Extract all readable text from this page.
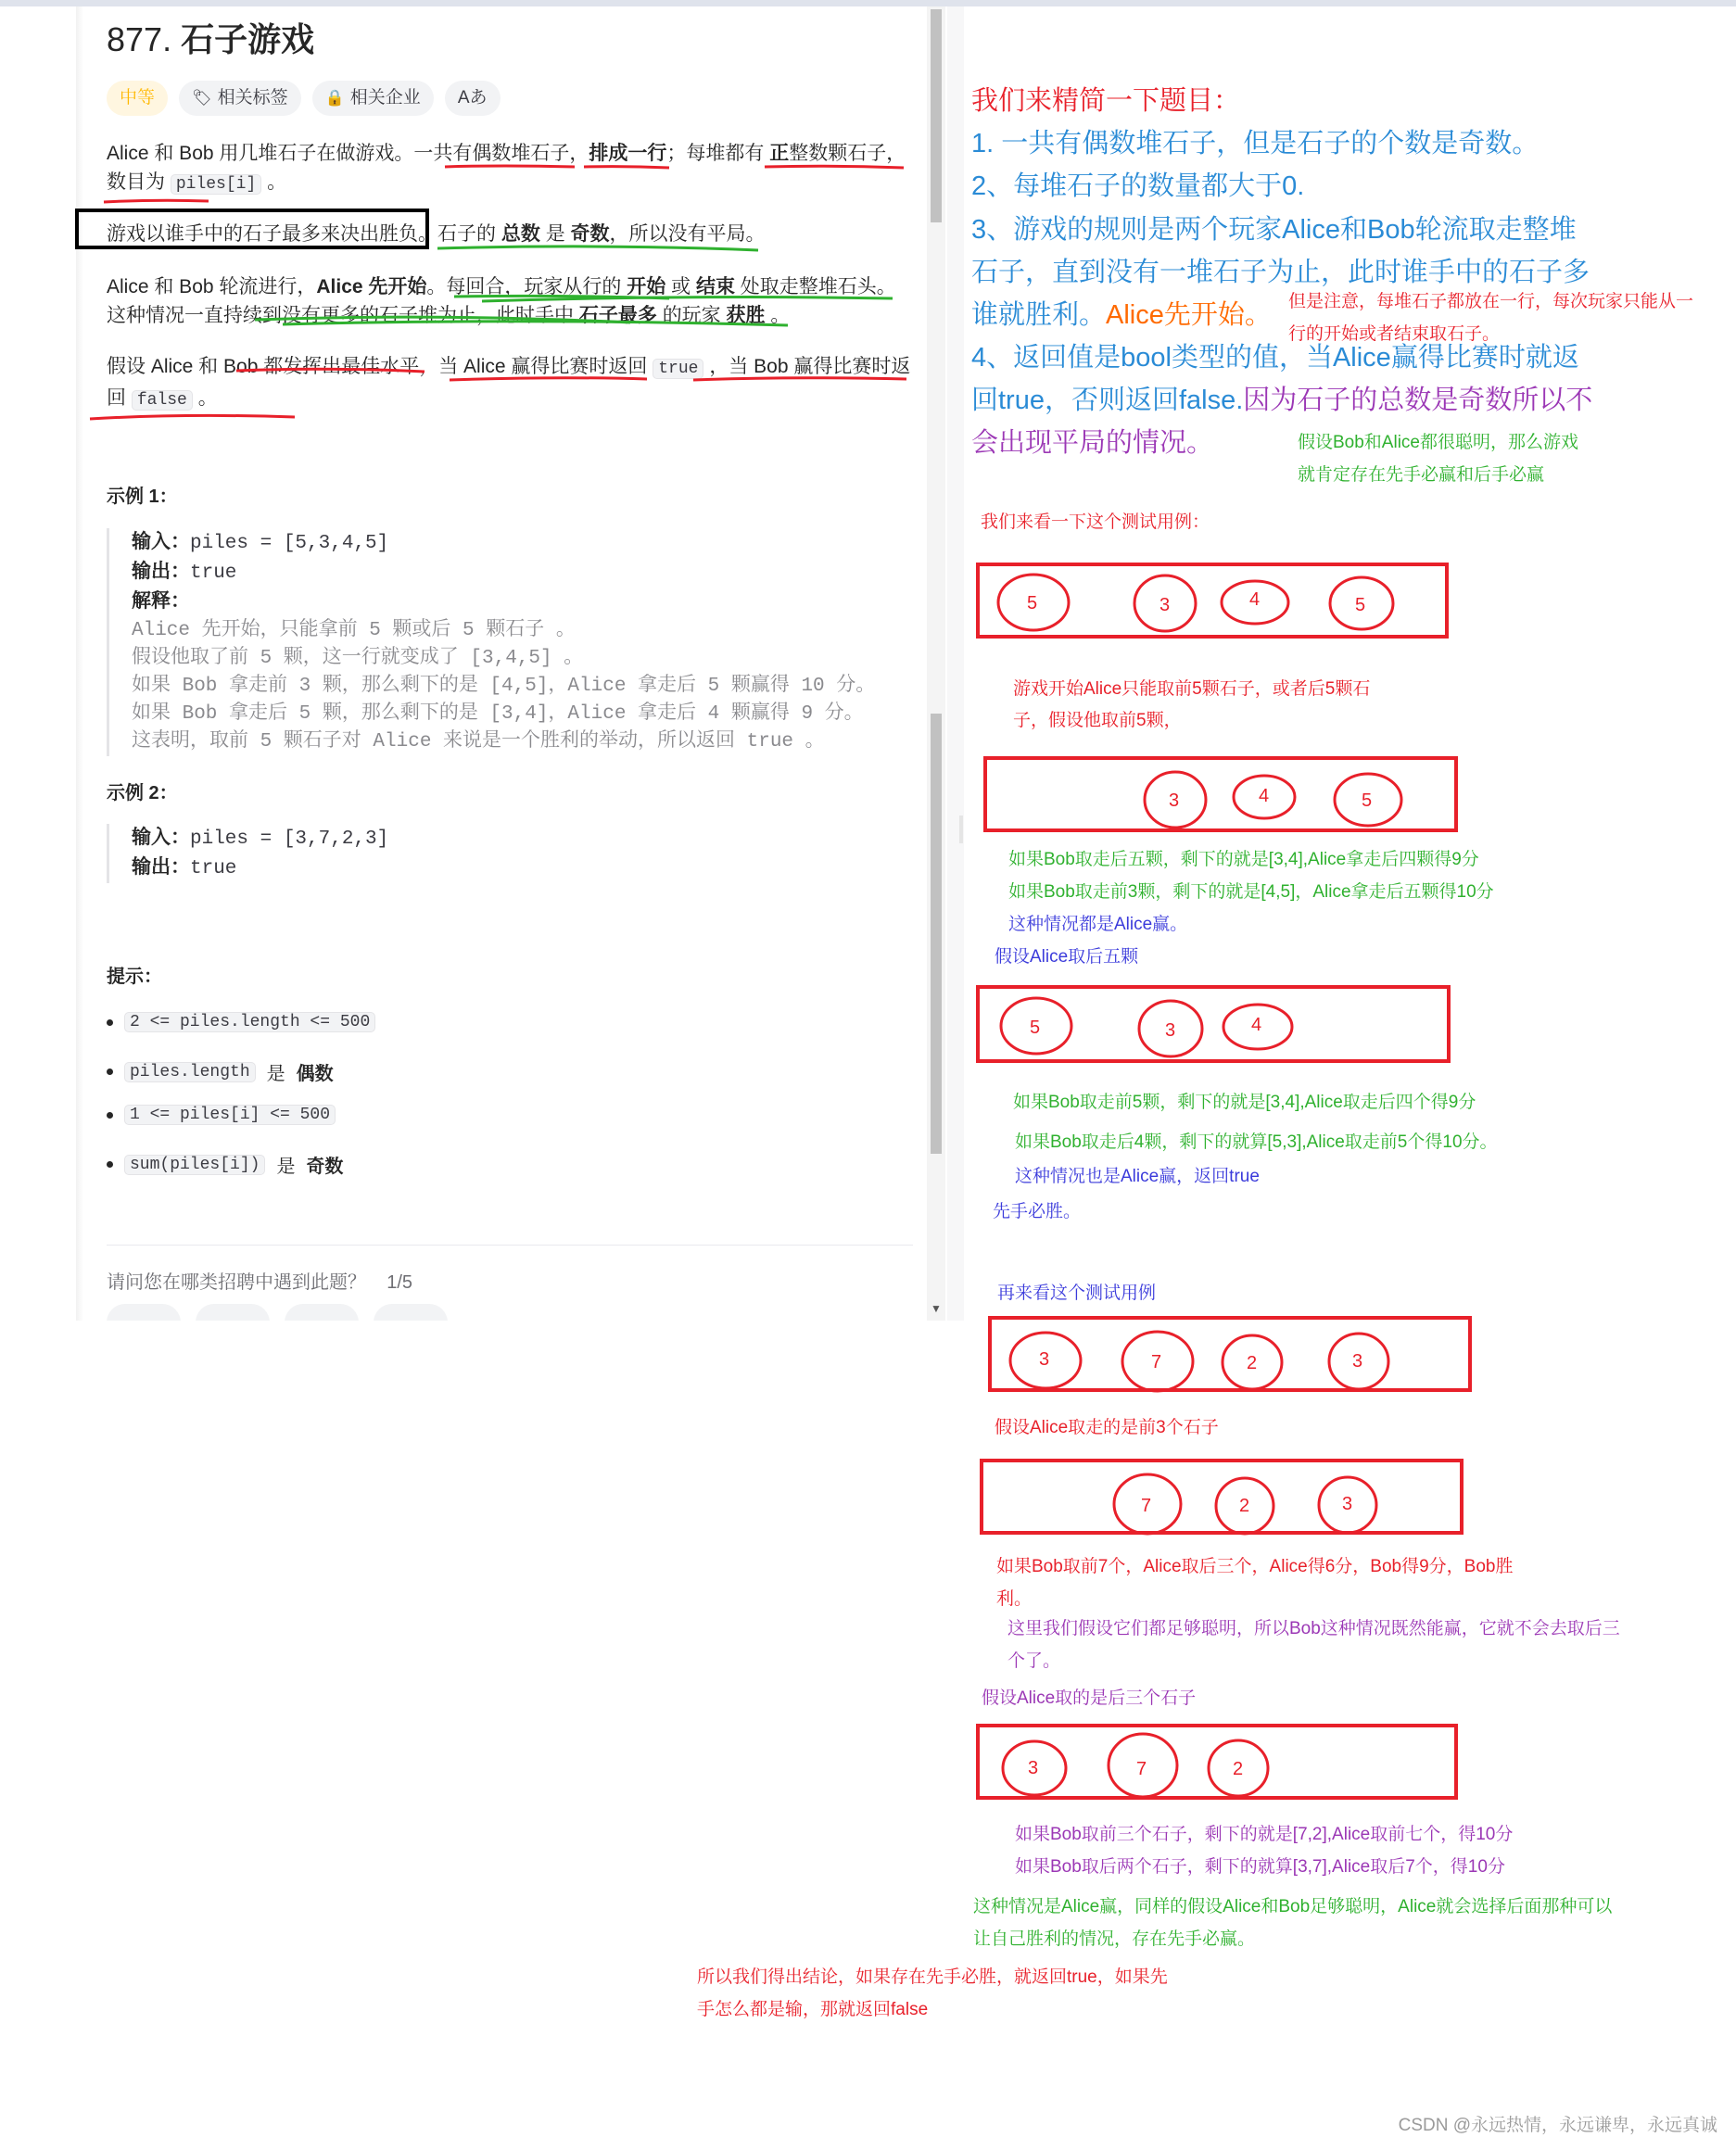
877. 石子游戏
中等	🏷 相关标签 🔒 相关企业 Aあ
Alice 和 Bob 用几堆石子在做游戏。一共有偶数堆石子，排成一行；每堆都有 正整数颗石子，
数目为 piles[i] 。
游戏以谁手中的石子最多来决出胜负。石子的 总数 是 奇数，所以没有平局。
Alice 和 Bob 轮流进行，Alice 先开始。每回合，玩家从行的 开始 或 结束 处取走整堆石头。
这种情况一直持续到没有更多的石子堆为止，此时手中 石子最多 的玩家 获胜 。
假设 Alice 和 Bob 都发挥出最佳水平，当 Alice 赢得比赛时返回 true ，当 Bob 赢得比赛时返
回 false 。
示例 1：
输入：piles = [5,3,4,5]
输出：true
解释：
Alice 先开始，只能拿前 5 颗或后 5 颗石子 。
假设他取了前 5 颗，这一行就变成了 [3,4,5] 。
如果 Bob 拿走前 3 颗，那么剩下的是 [4,5]，Alice 拿走后 5 颗赢得 10 分。
如果 Bob 拿走后 5 颗，那么剩下的是 [3,4]，Alice 拿走后 4 颗赢得 9 分。
这表明，取前 5 颗石子对 Alice 来说是一个胜利的举动，所以返回 true 。
示例 2：
输入：piles = [3,7,2,3]
输出：true
提示：
2 <= piles.length <= 500
piles.length 是 偶数
1 <= piles[i] <= 500
sum(piles[i]) 是 奇数
请问您在哪类招聘中遇到此题？ 1/5
▼
5	3	4	5
3	4	5
5	3	4
3	7	2	3
7	2	3
3	7	2
我们来精简一下题目：
1. 一共有偶数堆石子，但是石子的个数是奇数。
2、每堆石子的数量都大于0.
3、游戏的规则是两个玩家Alice和Bob轮流取走整堆
石子，直到没有一堆石子为止，此时谁手中的石子多
谁就胜利。Alice先开始。 但是注意，每堆石子都放在一行，每次玩家只能从一
行的开始或者结束取石子。
4、返回值是bool类型的值，当Alice赢得比赛时就返
回true，否则返回false.因为石子的总数是奇数所以不
会出现平局的情况。	假设Bob和Alice都很聪明，那么游戏
就肯定存在先手必赢和后手必赢
我们来看一下这个测试用例：
游戏开始Alice只能取前5颗石子，或者后5颗石
子，假设他取前5颗，
如果Bob取走后五颗，剩下的就是[3,4],Alice拿走后四颗得9分
如果Bob取走前3颗，剩下的就是[4,5]，Alice拿走后五颗得10分
这种情况都是Alice赢。
假设Alice取后五颗
如果Bob取走前5颗，剩下的就是[3,4],Alice取走后四个得9分
如果Bob取走后4颗，剩下的就算[5,3],Alice取走前5个得10分。
这种情况也是Alice赢，返回true
先手必胜。
再来看这个测试用例
假设Alice取走的是前3个石子
如果Bob取前7个，Alice取后三个，Alice得6分，Bob得9分，Bob胜
利。
这里我们假设它们都足够聪明，所以Bob这种情况既然能赢，它就不会去取后三
个了。
假设Alice取的是后三个石子
如果Bob取前三个石子，剩下的就是[7,2],Alice取前七个，得10分
如果Bob取后两个石子，剩下的就算[3,7],Alice取后7个，得10分
这种情况是Alice赢，同样的假设Alice和Bob足够聪明，Alice就会选择后面那种可以
让自己胜利的情况，存在先手必赢。
所以我们得出结论，如果存在先手必胜，就返回true，如果先
手怎么都是输，那就返回false
CSDN @永远热情，永远谦卑，永远真诚
